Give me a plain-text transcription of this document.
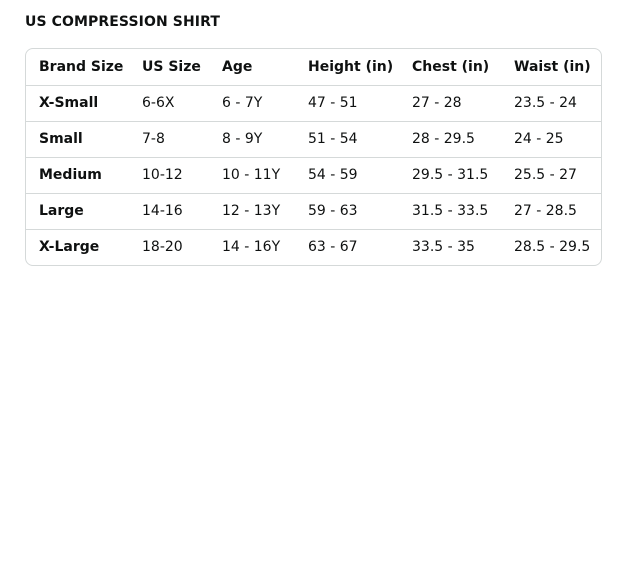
US COMPRESSION SHIRT
Brand Size	US Size	Age	Height (in)	Chest (in)	Waist (in)
X-Small	6-6X	6 - 7Y	47 - 51	27 - 28	23.5 - 24
Small	7-8	8 - 9Y	51 - 54	28 - 29.5	24 - 25
Medium	10-12	10 - 11Y	54 - 59	29.5 - 31.5	25.5 - 27
Large	14-16	12 - 13Y	59 - 63	31.5 - 33.5	27 - 28.5
X-Large	18-20	14 - 16Y	63 - 67	33.5 - 35	28.5 - 29.5
